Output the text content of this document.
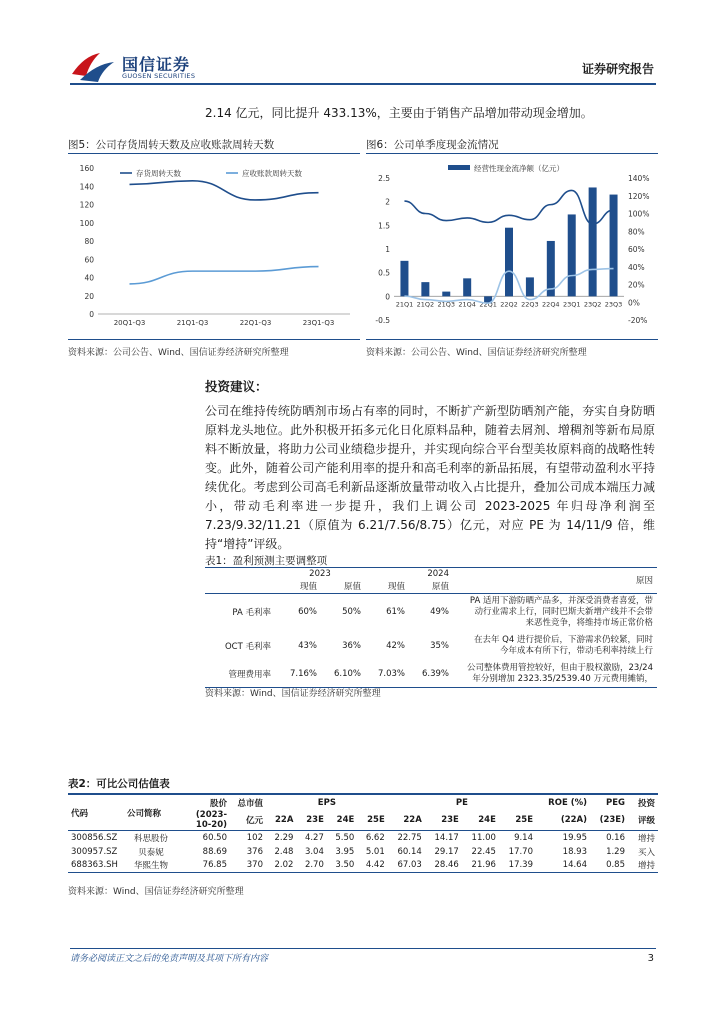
国信证券
GUOSEN SECURITIES	证券研究报告
2.14 亿元，同比提升 433.13%，主要由于销售产品增加带动现金增加。
图5：公司存货周转天数及应收账款周转天数
0
20
40
60
80
100
120
140
160
20Q1-Q3	21Q1-Q3	22Q1-Q3	23Q1-Q3
存货周转天数	应收账款周转天数
资料来源：公司公告、Wind、国信证券经济研究所整理
图6：公司单季度现金流情况
-0.5
0
0.5
1
1.5
2
2.5
-20%
0%
20%
40%
60%
80%
100%
120%
140%
21Q1 21Q2 21Q3 21Q4 22Q1 22Q2 22Q3 22Q4 23Q1 23Q2 23Q3
经营性现金流净额（亿元）
资料来源：公司公告、Wind、国信证券经济研究所整理
投资建议：

公司在维持传统防晒剂市场占有率的同时，不断扩产新型防晒剂产能，夯实自身防晒原料龙头地位。此外积极开拓多元化日化原料品种，随着去屑剂、增稠剂等新布局原料不断放量，将助力公司业绩稳步提升，并实现向综合平台型美妆原料商的战略性转变。此外，随着公司产能利用率的提升和高毛利率的新品拓展，有望带动盈利水平持续优化。考虑到公司高毛利新品逐渐放量带动收入占比提升，叠加公司成本端压力减小，带动毛利率进一步提升，我们上调公司 2023-2025 年归母净利润至 7.23/9.32/11.21（原值为 6.21/7.56/8.75）亿元，对应 PE 为 14/11/9 倍，维持“增持”评级。

表1：盈利预测主要调整项
	2023		2024		原因
	现值	原值	现值	原值	
PA 毛利率	60%	50%	61%	49%	PA 适用下游防晒产品多，并深受消费者喜爱，带
动行业需求上行，同时巴斯夫新增产线并不会带
来恶性竞争，将维持市场正常价格

OCT 毛利率	43%	36%	42%	35%	在去年 Q4 进行提价后，下游需求仍较紧，同时
今年成本有所下行，带动毛利率持续上行

管理费用率	7.16%	6.10%	7.03%	6.39%	公司整体费用管控较好，但由于股权激励，23/24
年分别增加 2323.35/2539.40 万元费用摊销，
资料来源：Wind、国信证券经济研究所整理
表2：可比公司估值表
代码	公司简称	股价	总市值	EPS				PE				ROE (%)	PEG	投资
		(2023-10-20)	亿元	22A	23E	24E	25E	22A	23E	24E	25E	(22A)	(23E)	评级
300856.SZ	科思股份	60.50	102	2.29	4.27	5.50	6.62	22.75	14.17	11.00	9.14	19.95	0.16	增持
300957.SZ	贝泰妮	88.69	376	2.48	3.04	3.95	5.01	60.14	29.17	22.45	17.70	18.93	1.29	买入
688363.SH	华熙生物	76.85	370	2.02	2.70	3.50	4.42	67.03	28.46	21.96	17.39	14.64	0.85	增持
资料来源：Wind、国信证券经济研究所整理
请务必阅读正文之后的免责声明及其项下所有内容	3
